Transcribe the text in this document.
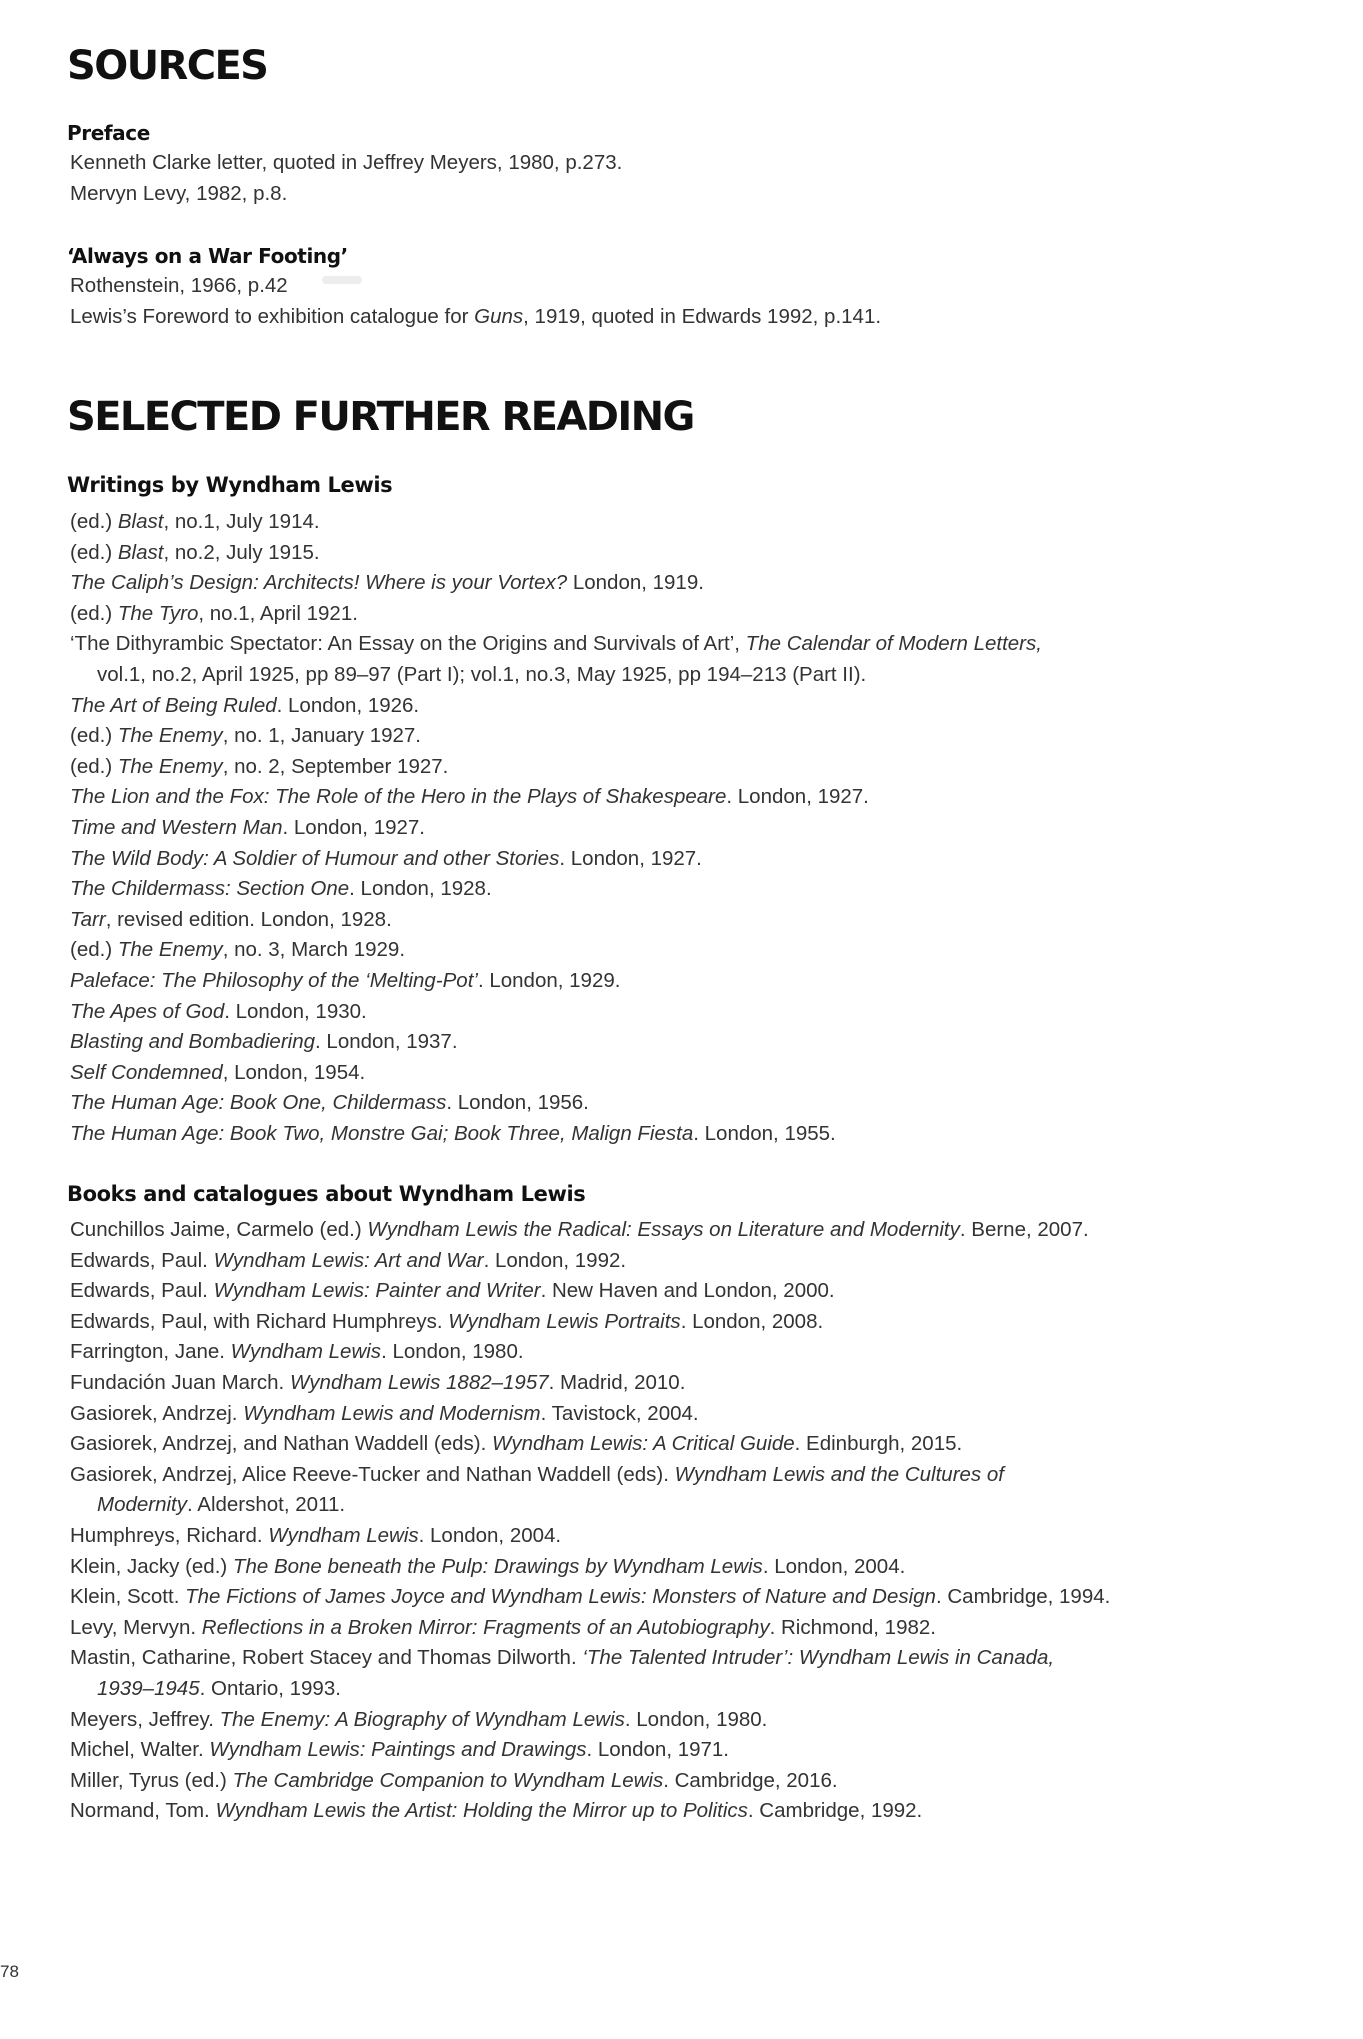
SOURCES
Preface
Kenneth Clarke letter, quoted in Jeffrey Meyers, 1980, p.273.
Mervyn Levy, 1982, p.8.
‘Always on a War Footing’
Rothenstein, 1966, p.42
Lewis’s Foreword to exhibition catalogue for Guns, 1919, quoted in Edwards 1992, p.141.
SELECTED FURTHER READING
Writings by Wyndham Lewis
(ed.) Blast, no.1, July 1914.
(ed.) Blast, no.2, July 1915.
The Caliph’s Design: Architects! Where is your Vortex? London, 1919.
(ed.) The Tyro, no.1, April 1921.
‘The Dithyrambic Spectator: An Essay on the Origins and Survivals of Art’, The Calendar of Modern Letters,
vol.1, no.2, April 1925, pp 89–97 (Part I); vol.1, no.3, May 1925, pp 194–213 (Part II).
The Art of Being Ruled. London, 1926.
(ed.) The Enemy, no. 1, January 1927.
(ed.) The Enemy, no. 2, September 1927.
The Lion and the Fox: The Role of the Hero in the Plays of Shakespeare. London, 1927.
Time and Western Man. London, 1927.
The Wild Body: A Soldier of Humour and other Stories. London, 1927.
The Childermass: Section One. London, 1928.
Tarr, revised edition. London, 1928.
(ed.) The Enemy, no. 3, March 1929.
Paleface: The Philosophy of the ‘Melting-Pot’. London, 1929.
The Apes of God. London, 1930.
Blasting and Bombadiering. London, 1937.
Self Condemned, London, 1954.
The Human Age: Book One, Childermass. London, 1956.
The Human Age: Book Two, Monstre Gai; Book Three, Malign Fiesta. London, 1955.
Books and catalogues about Wyndham Lewis
Cunchillos Jaime, Carmelo (ed.) Wyndham Lewis the Radical: Essays on Literature and Modernity. Berne, 2007.
Edwards, Paul. Wyndham Lewis: Art and War. London, 1992.
Edwards, Paul. Wyndham Lewis: Painter and Writer. New Haven and London, 2000.
Edwards, Paul, with Richard Humphreys. Wyndham Lewis Portraits. London, 2008.
Farrington, Jane. Wyndham Lewis. London, 1980.
Fundación Juan March. Wyndham Lewis 1882–1957. Madrid, 2010.
Gasiorek, Andrzej. Wyndham Lewis and Modernism. Tavistock, 2004.
Gasiorek, Andrzej, and Nathan Waddell (eds). Wyndham Lewis: A Critical Guide. Edinburgh, 2015.
Gasiorek, Andrzej, Alice Reeve-Tucker and Nathan Waddell (eds). Wyndham Lewis and the Cultures of
Modernity. Aldershot, 2011.
Humphreys, Richard. Wyndham Lewis. London, 2004.
Klein, Jacky (ed.) The Bone beneath the Pulp: Drawings by Wyndham Lewis. London, 2004.
Klein, Scott. The Fictions of James Joyce and Wyndham Lewis: Monsters of Nature and Design. Cambridge, 1994.
Levy, Mervyn. Reflections in a Broken Mirror: Fragments of an Autobiography. Richmond, 1982.
Mastin, Catharine, Robert Stacey and Thomas Dilworth. ‘The Talented Intruder’: Wyndham Lewis in Canada,
1939–1945. Ontario, 1993.
Meyers, Jeffrey. The Enemy: A Biography of Wyndham Lewis. London, 1980.
Michel, Walter. Wyndham Lewis: Paintings and Drawings. London, 1971.
Miller, Tyrus (ed.) The Cambridge Companion to Wyndham Lewis. Cambridge, 2016.
Normand, Tom. Wyndham Lewis the Artist: Holding the Mirror up to Politics. Cambridge, 1992.
78
